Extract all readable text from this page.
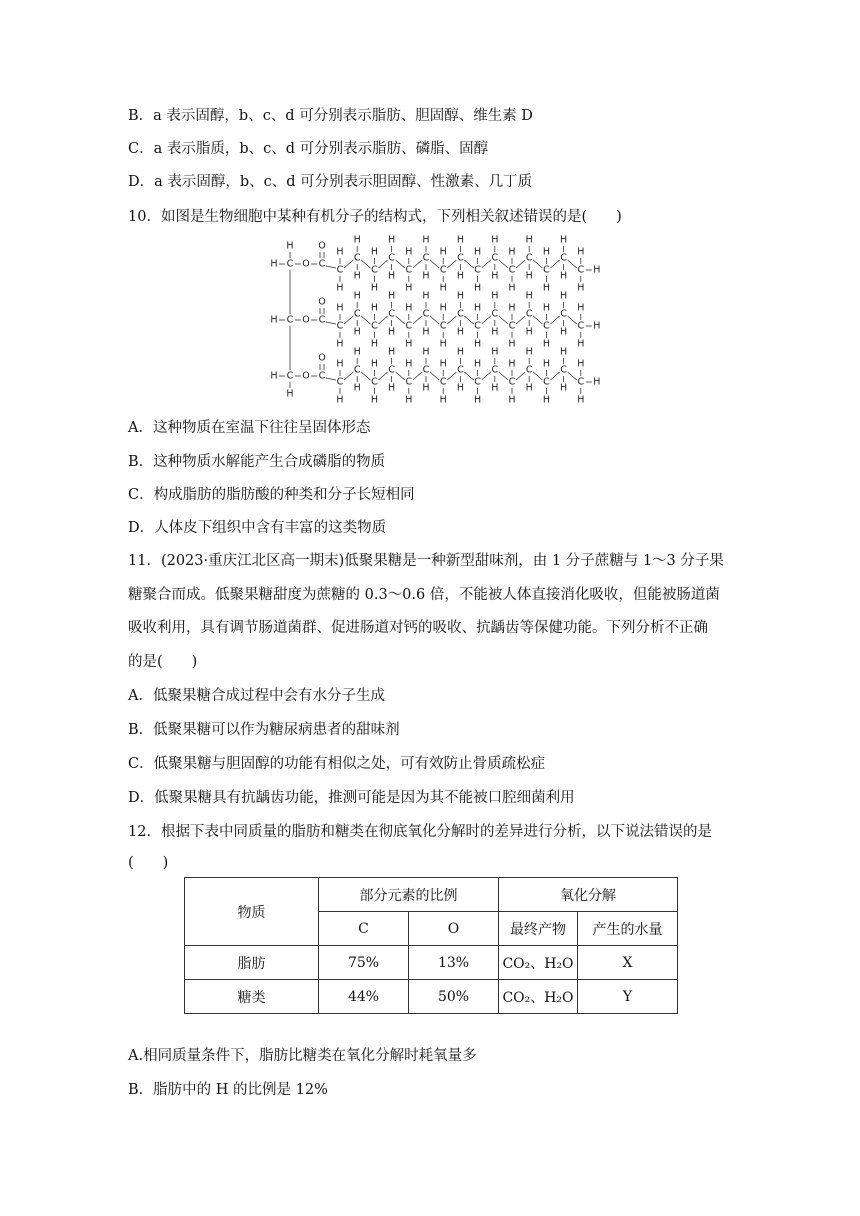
B．a 表示固醇，b、c、d 可分别表示脂肪、胆固醇、维生素 D
C．a 表示脂质，b、c、d 可分别表示脂肪、磷脂、固醇
D．a 表示固醇，b、c、d 可分别表示胆固醇、性激素、几丁质
10．如图是生物细胞中某种有机分子的结构式，下列相关叙述错误的是(　　)
H C O C
O
H
C
H
H
C
H
H
C
H
H
C
H
H
C
H
H
C
H
H
C
H
H
C
H
H
C
H
H
C
H
H
C
H
H
C
H
H
C
H
H
C
H
H
C
H
H
H
H C O C
O
C
H
H
C
H
H
C
H
H
C
H
H
C
H
H
C
H
H
C
H
H
C
H
H
C
H
H
C
H
H
C
H
H
C
H
H
C
H
H
C
H
H
C
H
H
H
H C O C
O
H
C
H
H
C
H
H
C
H
H
C
H
H
C
H
H
C
H
H
C
H
H
C
H
H
C
H
H
C
H
H
C
H
H
C
H
H
C
H
H
C
H
H
C
H
H
H
A．这种物质在室温下往往呈固体形态
B．这种物质水解能产生合成磷脂的物质
C．构成脂肪的脂肪酸的种类和分子长短相同
D．人体皮下组织中含有丰富的这类物质
11．(2023·重庆江北区高一期末)低聚果糖是一种新型甜味剂，由 1 分子蔗糖与 1～3 分子果
糖聚合而成。低聚果糖甜度为蔗糖的 0.3～0.6 倍，不能被人体直接消化吸收，但能被肠道菌
吸收利用，具有调节肠道菌群、促进肠道对钙的吸收、抗龋齿等保健功能。下列分析不正确
的是(　　)
A．低聚果糖合成过程中会有水分子生成
B．低聚果糖可以作为糖尿病患者的甜味剂
C．低聚果糖与胆固醇的功能有相似之处，可有效防止骨质疏松症
D．低聚果糖具有抗龋齿功能，推测可能是因为其不能被口腔细菌利用
12．根据下表中同质量的脂肪和糖类在彻底氧化分解时的差异进行分析，以下说法错误的是
(　　)
物质	部分元素的比例		氧化分解	
	C	O	最终产物	产生的水量
脂肪	75%	13%	CO₂、H₂O	X
糖类	44%	50%	CO₂、H₂O	Y
A.相同质量条件下，脂肪比糖类在氧化分解时耗氧量多
B．脂肪中的 H 的比例是 12%
